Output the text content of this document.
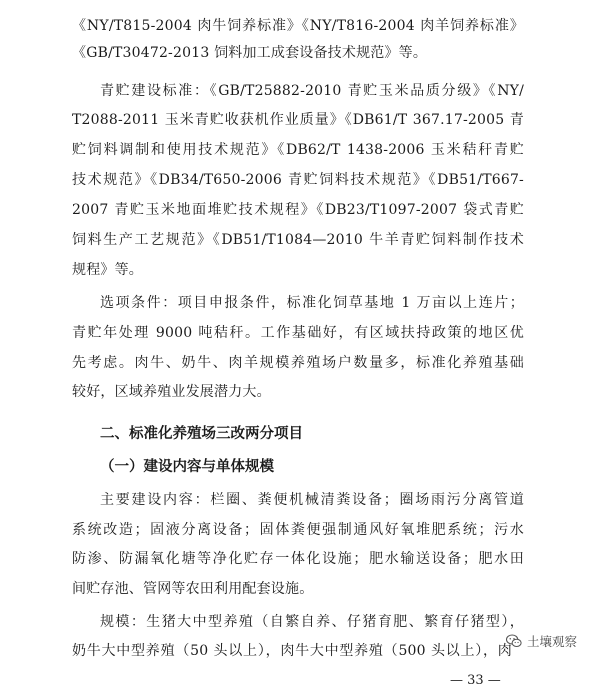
《NY/T815-2004 肉牛饲养标准》《NY/T816-2004 肉羊饲养标准》
《GB/T30472-2013 饲料加工成套设备技术规范》等。
青贮建设标准：《GB/T25882-2010 青贮玉米品质分级》《NY/
T2088-2011 玉米青贮收获机作业质量》《DB61/T 367.17-2005 青
贮饲料调制和使用技术规范》《DB62/T 1438-2006 玉米秸秆青贮
技术规范》《DB34/T650-2006 青贮饲料技术规范》《DB51/T667-
2007 青贮玉米地面堆贮技术规程》《DB23/T1097-2007 袋式青贮
饲料生产工艺规范》《DB51/T1084—2010 牛羊青贮饲料制作技术
规程》等。
选项条件：项目申报条件，标准化饲草基地 1 万亩以上连片；
青贮年处理 9000 吨秸秆。工作基础好，有区域扶持政策的地区优
先考虑。肉牛、奶牛、肉羊规模养殖场户数量多，标准化养殖基础
较好，区域养殖业发展潜力大。
二、标准化养殖场三改两分项目
（一）建设内容与单体规模
主要建设内容：栏圈、粪便机械清粪设备；圈场雨污分离管道
系统改造；固液分离设备；固体粪便强制通风好氧堆肥系统；污水
防渗、防漏氧化塘等净化贮存一体化设施；肥水输送设备；肥水田
间贮存池、管网等农田利用配套设施。
规模：生猪大中型养殖（自繁自养、仔猪育肥、繁育仔猪型），
奶牛大中型养殖（50 头以上），肉牛大中型养殖（500 头以上），肉
土壤观察
— 33 —
